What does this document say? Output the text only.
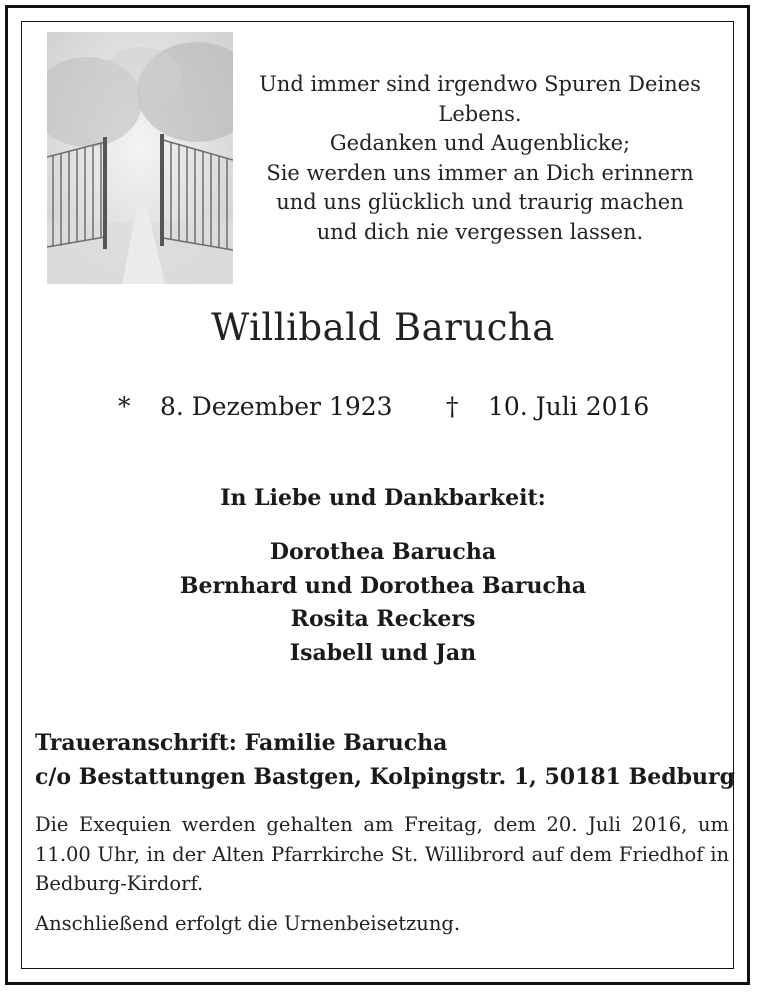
Und immer sind irgendwo Spuren Deines
Lebens.
Gedanken und Augenblicke;
Sie werden uns immer an Dich erinnern
und uns glücklich und traurig machen
und dich nie vergessen lassen.
Willibald Barucha
* 8. Dezember 1923 † 10. Juli 2016
In Liebe und Dankbarkeit:
Dorothea Barucha
Bernhard und Dorothea Barucha
Rosita Reckers
Isabell und Jan
Traueranschrift: Familie Barucha
c/o Bestattungen Bastgen, Kolpingstr. 1, 50181 Bedburg
Die Exequien werden gehalten am Freitag, dem 20. Juli 2016, um 11.00 Uhr, in der Alten Pfarrkirche St. Willibrord auf dem Friedhof in Bedburg-Kirdorf.
Anschließend erfolgt die Urnenbeisetzung.
